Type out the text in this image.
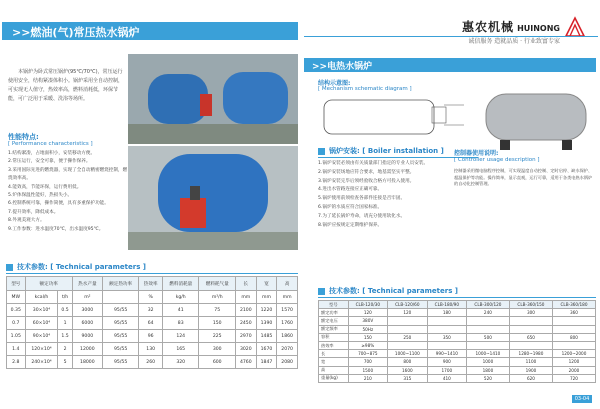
>>燃油(气)常压热水锅炉	惠农机械 HUINONG
诚信服务 造就品质 · 行业致富专家
>>电热水锅炉

本锅炉为卧式常压锅炉(95℃/70℃)，常压运行使用安全，结构紧凑体积小。锅炉采用全自动控制，可实现无人值守，热效率高，燃料消耗低，环保节能，可广泛用于采暖、洗浴等场所。

性能特点:
[ Performance characteristics ]
1.结构紧凑，占地面积小，安装移动方便。
2.常压运行，安全可靠，便于操作保养。
3.采用国际先进的燃烧器，实现了全自动精密燃烧控制，燃烧效率高。
4.能效高，节能环保，运行费用低。
5.炉体保温性能好，热损失小。
6.控制系统可靠，操作简便，具有多重保护功能。
7.提升效率，降低成本。
8.外观美观大方。
9.工作参数：进水温度70℃，出水温度95℃。
技术参数: [ Technical parameters ]
型号	额定功率		热水产量	额定热功率	热效率	燃料消耗量	燃料耗气量	长	宽	高
MW	kcal/h	t/h	m²		%	kg/h	m³/h	mm	mm	mm
0.35	30×10⁴	0.5	3000	95/55	32	41	75	2100	1220	1570
0.7	60×10⁴	1	6000	95/55	64	83	150	2450	1390	1760
1.05	90×10⁴	1.5	9000	95/55	96	124	225	2970	1485	1860
1.4	120×10⁴	2	12000	95/55	130	165	300	3020	1670	2070
2.8	240×10⁴	5	18000	95/55	260	320	600	4760	1847	2080
结构示意图:
[ Mechanism schematic diagram ]
锅炉安装: [ Boiler installation ]
1.锅炉安装必须由有关质量部门指定的专业人员安装。
2.锅炉安装场地应符合要求，地基需坚实平整。
3.锅炉安装完毕后须经验收合格方可投入使用。
4.进出水管路连接应正确可靠。
5.锅炉使用前须检查各部件连接是否牢固。
6.锅炉的水质应符合国家标准。
7.为了延长锅炉寿命，请充分使用软化水。
8.锅炉应按规定定期维护保养。
控制器使用说明:
[ Controller usage description ]

控制器采用微电脑程序控制，可实现温度自动控制、定时启停、缺水保护、超温保护等功能。操作简单，显示直观，运行可靠，适用于各类电热水锅炉的自动化控制管理。

技术参数: [ Technical parameters ]
型号	CLB-120/30	CLB-120/60	CLB-180/90	CLB-300/120	CLB-360/150	CLB-360/180
额定功率	120	120	180	240	300	360
额定电压	380V					
额定频率	50Hz					
容积	150	250	350	500	650	800
热效率	≥98%					
长	700~875	1000~1100	990~1410	1000~1410	1280~1980	1200~2000
宽	700	800	900	1000	1100	1200
高	1500	1600	1700	1800	1900	2000
重量(kg)	210	315	410	520	620	720
03-04
